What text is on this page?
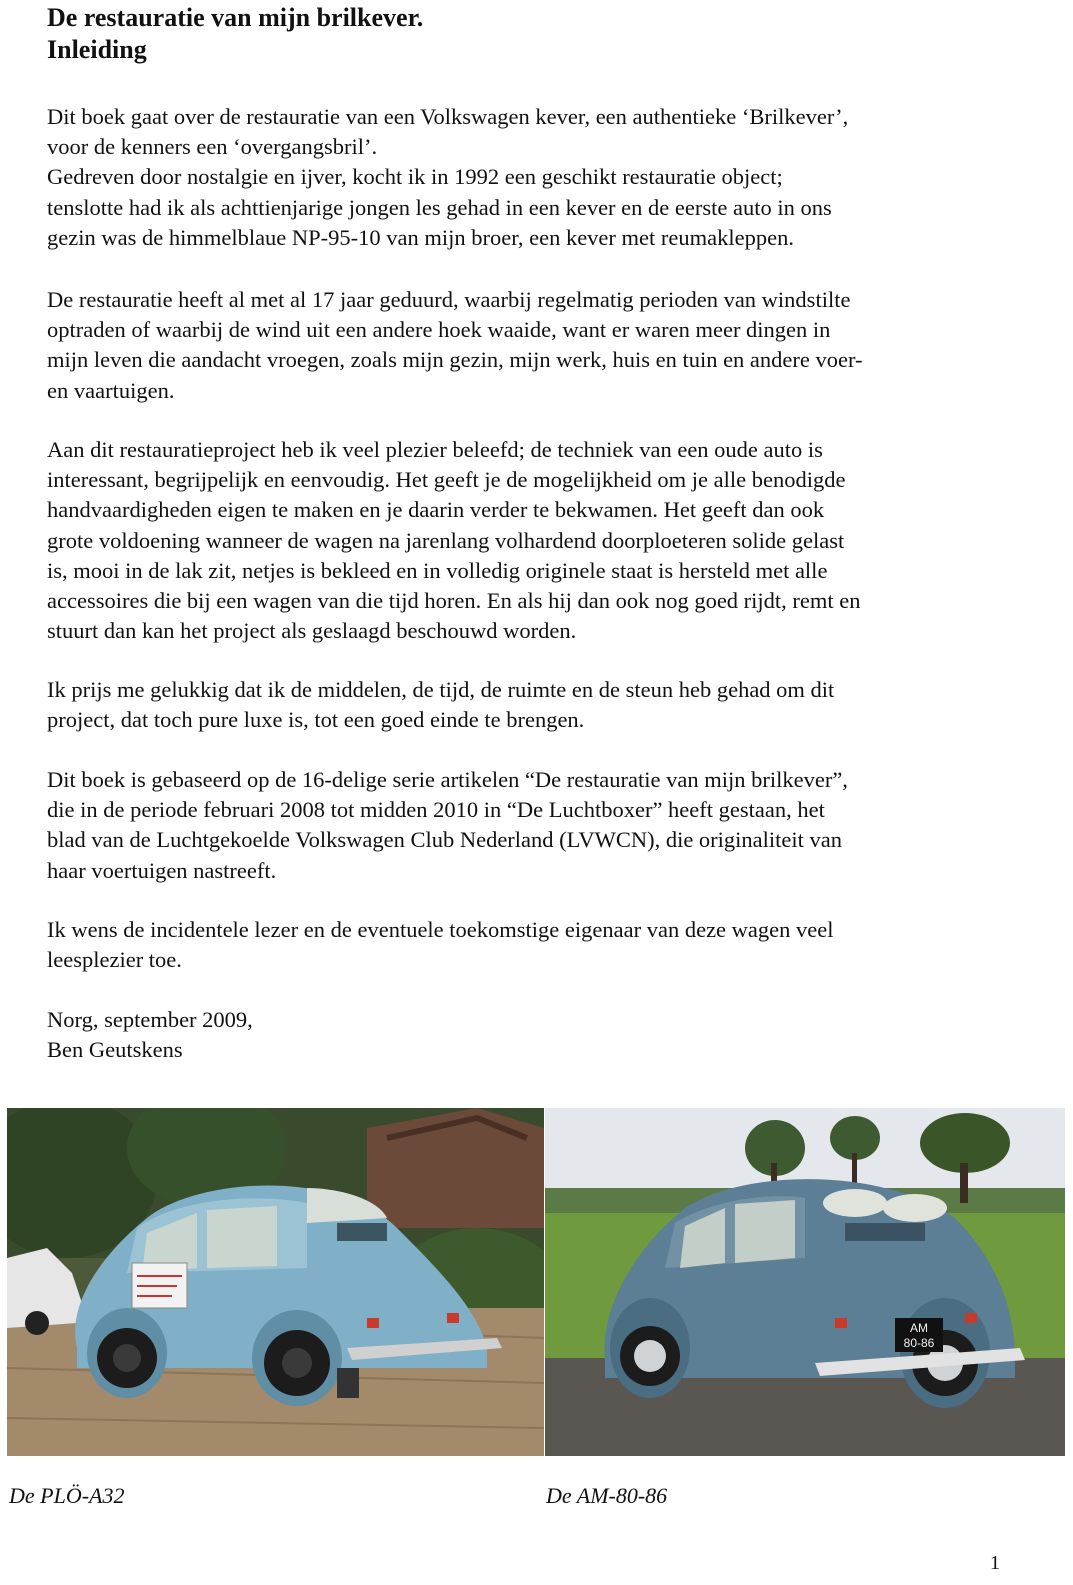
De restauratie van mijn brilkever.
Inleiding
Dit boek gaat over de restauratie van een Volkswagen kever, een authentieke ‘Brilkever’,
voor de kenners een ‘overgangsbril’.
Gedreven door nostalgie en ijver, kocht ik in 1992 een geschikt restauratie object;
tenslotte had ik als achttienjarige jongen les gehad in een kever en de eerste auto in ons
gezin was de himmelblaue NP-95-10 van mijn broer, een kever met reumakleppen.
De restauratie heeft al met al 17 jaar geduurd, waarbij regelmatig perioden van windstilte
optraden of waarbij de wind uit een andere hoek waaide, want er waren meer dingen in
mijn leven die aandacht vroegen, zoals mijn gezin, mijn werk, huis en tuin en andere voer-
en vaartuigen.
Aan dit restauratieproject heb ik veel plezier beleefd; de techniek van een oude auto is
interessant, begrijpelijk en eenvoudig. Het geeft je de mogelijkheid om je alle benodigde
handvaardigheden eigen te maken en je daarin verder te bekwamen. Het geeft dan ook
grote voldoening wanneer de wagen na jarenlang volhardend doorploeteren solide gelast
is, mooi in de lak zit, netjes is bekleed en in volledig originele staat is hersteld met alle
accessoires die bij een wagen van die tijd horen. En als hij dan ook nog goed rijdt, remt en
stuurt dan kan het project als geslaagd beschouwd worden.
Ik prijs me gelukkig dat ik de middelen, de tijd, de ruimte en de steun heb gehad om dit
project, dat toch pure luxe is, tot een goed einde te brengen.
Dit boek is gebaseerd op de 16-delige serie artikelen “De restauratie van mijn brilkever”,
die in de periode februari 2008 tot midden 2010 in “De Luchtboxer” heeft gestaan, het
blad van de Luchtgekoelde Volkswagen Club Nederland (LVWCN), die originaliteit van
haar voertuigen nastreeft.
Ik wens de incidentele lezer en de eventuele toekomstige eigenaar van deze wagen veel
leesplezier toe.
Norg, september 2009,
Ben Geutskens
AM
80-86
De PLÖ-A32	De AM-80-86
1
